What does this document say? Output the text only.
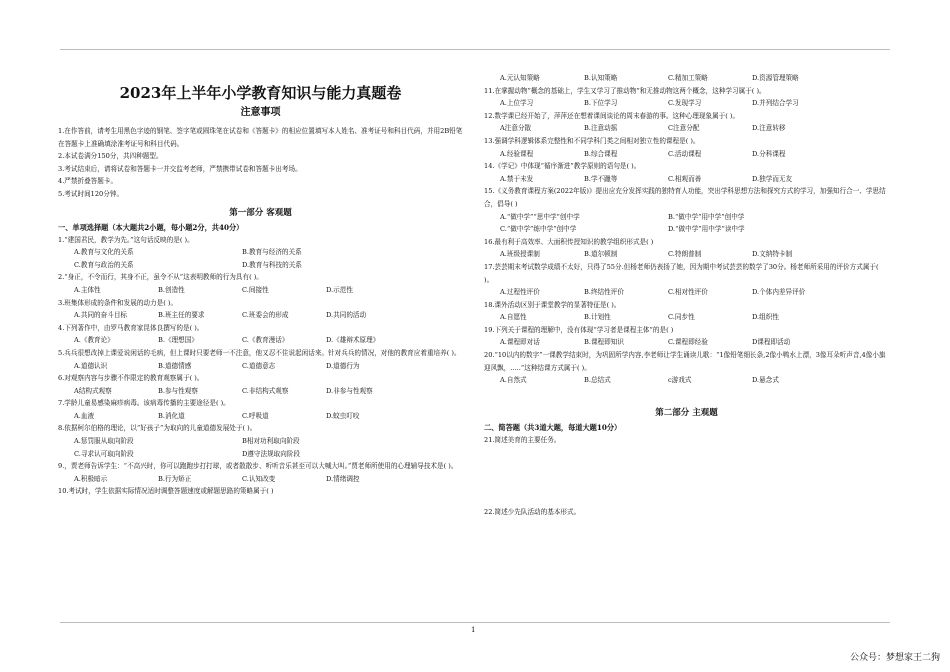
2023年上半年小学教育知识与能力真题卷
注意事项

1.在作答前，请考生用黑色字迹的钢笔、签字笔或圆珠笔在试卷和《答题卡》的相应位置填写本人姓名、准考证号和科目代码，并用2B铅笔在答题卡上准确填涂准考证号和科目代码。

2.本试卷满分150分，共四种题型。

3.考试结束后，请将试卷和答题卡一并交监考老师，严禁携带试卷和答题卡出考场。

4.严禁折叠答题卡。

5.考试时间120分钟。

第一部分 客观题
一、单项选择题（本大题共2小题，每小题2分，共40分）

1.“建国君民，教学为先。”这句话反映的是( )。

A.教育与文化的关系	B.教育与经济的关系
C.教育与政治的关系	D.教育与科技的关系

2.“身正，不令而行，其身不正，虽令不从”这表明教师的行为具有( )。

A.主体性	B.创造性	C.间接性	D.示范性

3.班集体形成的条件和发展的动力是( )。

A.共同的奋斗目标	B.班主任的要求	C.班委会的形成	D.共同的活动

4.下列著作中，由罗马教育家昆体良撰写的是( )。

A.《教育论》	B.《理想国》	C.《教育漫话》	D.《雄辩术原理》

5.兵兵很想改掉上课爱说闲话的毛病，但上课时只要老师一不注意，他又忍不住说起闲话来。针对兵兵的情况，对他的教育应着重培养( )。

A.道德认识	B.道德情感	C.道德意志	D.道德行为

6.对观察内容与步骤不作限定的教育观察属于( )。

A结构式观察	B.参与性观察	C.非结构式观察	D.非参与性观察

7.学龄儿童易感染麻疹病毒。该病毒传播的主要途径是( )。

A.血液	B.消化道	C.呼吸道	D.蚊虫叮咬

8.依据柯尔伯格的理论，以“好孩子”为取向的儿童道德发展处于( )。

A.惩罚服从取向阶段	B相对功利取向阶段
C.寻求认可取向阶段	D遵守法规取向阶段

9.，贾老师告诉学生：“不高兴时，你可以跑跑步打打球，或者散散步、听听音乐甚至可以大喊大叫。”贾老师所使用的心理辅导技术是( )。

A.积极暗示	B.行为矫正	C.认知改变	D.情绪调控

10.考试时，学生依据实际情况适时调整答题速度或解题思路的策略属于( )

A.元认知策略	B.认知策略	C.精加工策略	D.资源管理策略

11.在掌握动物”概念的基础上，学生又学习了推动物”和无推动物这两个概念，这种学习属于( )。

A.上位学习	B.下位学习	C.发现学习	D.并列结合学习

12.数学课已经开始了，萍萍还在想着课间谈论的周末春游的事。这种心理现象属于( )。

A注意分散	B.注意动摇	C注意分配	D.注意转移

13.强调学科逻辑体系完整性和不同学科门类之间相对独立性的课程是( )。

A.经验课程	B.综合课程	C.活动课程	D.分科课程

14.《学记》中体现“循序渐进”教学原则的语句是( )。

A.禁于未发	B.学不躐等	C.相观而善	D.独学而无友

15.《义务教育课程方案(2022年版)》提出应充分发挥实践的独特育人功能，突出学科思想方法和探究方式的学习，加强知行合一、学思结合，倡导( )

A.“做中学”“思中学”创中学	B.“做中学”用中学”创中学
C.“做中学”练中学”创中学	D.“做中学”用中学”读中学

16.最有利于高效率、大面积传授知识的教学组织形式是( )

A.班级授课制	B.道尔顿制	C.特朗普制	D.文纳特卡制

17.芸芸期末考试数学成绩不太好，只得了55分.但杨老师仍表扬了她，因为期中考试芸芸的数学了30分。杨老师所采用的评价方式属于( )。

A.过程性评价	B.终结性评价	C.相对性评价	D.个体内差异评价

18.课外活动区别于课堂教学的显著特征是( )。

A.自愿性	B.计划性	C.同步性	D.组织性

19.下列关于课程的理解中，没有体现“学习者是课程主体”的是( )

A.课程即对话	B.课程即知识	C.课程即经验	D课程即活动

20.“10以内的数字”一课教学结束时，为巩固所学内容,李老师让学生诵读儿歌：“1像铅笔细长条,2像小鸭水上漂，3像耳朵听声音,4像小旗迎风飘，.....”这种结课方式属于( )。

A.自然式	B.总结式	c游戏式	D.悬念式
第二部分 主观题
二、简答题（共3道大题，每道大题10分）

21.简述美育的主要任务。

22.简述少先队活动的基本形式。

1
公众号：梦想家王二狗
